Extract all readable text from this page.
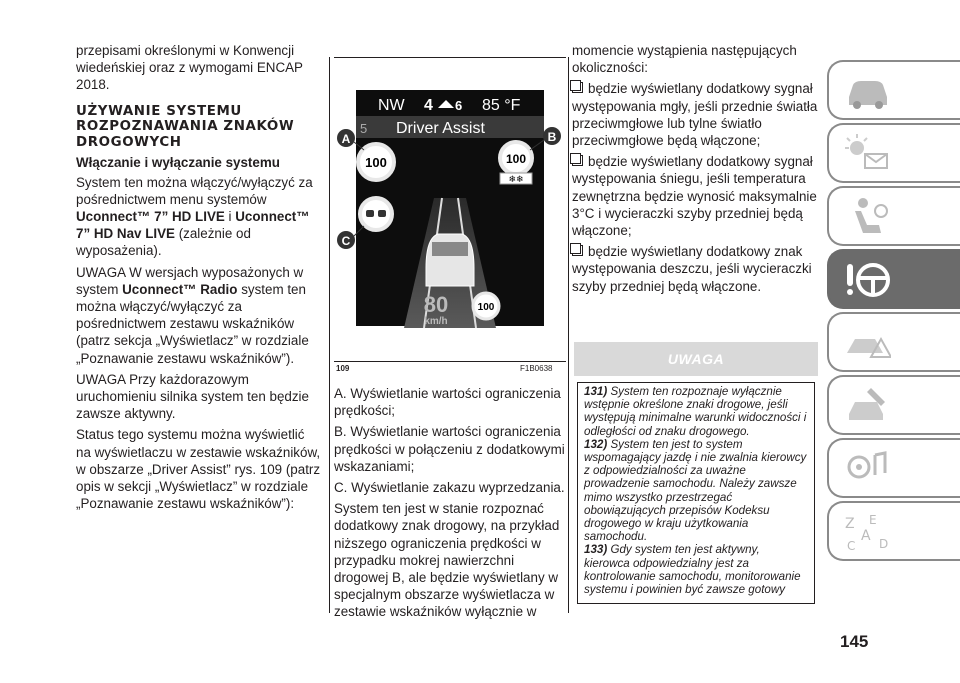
przepisami określonymi w Konwencji wiedeńskiej oraz z wymogami ENCAP 2018.

UŻYWANIE SYSTEMU ROZPOZNAWANIA ZNAKÓW DROGOWYCH
Włączanie i wyłączanie systemu

System ten można włączyć/wyłączyć za pośrednictwem menu systemów Uconnect™ 7” HD LIVE i Uconnect™ 7” HD Nav LIVE (zależnie od wyposażenia).

UWAGA W wersjach wyposażonych w system Uconnect™ Radio system ten można włączyć/wyłączyć za pośrednictwem zestawu wskaźników (patrz sekcja „Wyświetlacz” w rozdziale „Poznawanie zestawu wskaźników”).

UWAGA Przy każdorazowym uruchomieniu silnika system ten będzie zawsze aktywny.

Status tego systemu można wyświetlić na wyświetlaczu w zestawie wskaźników, w obszarze „Driver Assist” rys. 109 (patrz opis w sekcji „Wyświetlacz” w rozdziale „Poznawanie zestawu wskaźników”):

NW 4 6 85 °F
5 Driver Assist
100	100
❄❄
80
km/h
100
A	B
C
109	F1B0638

A. Wyświetlanie wartości ograniczenia prędkości;

B. Wyświetlanie wartości ograniczenia prędkości w połączeniu z dodatkowymi wskazaniami;

C. Wyświetlanie zakazu wyprzedzania.

System ten jest w stanie rozpoznać dodatkowy znak drogowy, na przykład niższego ograniczenia prędkości w przypadku mokrej nawierzchni drogowej B, ale będzie wyświetlany w specjalnym obszarze wyświetlacza w zestawie wskaźników wyłącznie w

momencie wystąpienia następujących okoliczności:

będzie wyświetlany dodatkowy sygnał występowania mgły, jeśli przednie światła przeciwmgłowe lub tylne światło przeciwmgłowe będą włączone;

będzie wyświetlany dodatkowy sygnał występowania śniegu, jeśli temperatura zewnętrzna będzie wynosić maksymalnie 3°C i wycieraczki szyby przedniej będą włączone;

będzie wyświetlany dodatkowy znak występowania deszczu, jeśli wycieraczki szyby przedniej będą włączone.

UWAGA

131) System ten rozpoznaje wyłącznie wstępnie określone znaki drogowe, jeśli występują minimalne warunki widoczności i odległości od znaku drogowego.

132) System ten jest to system wspomagający jazdę i nie zwalnia kierowcy z odpowiedzialności za uważne prowadzenie samochodu. Należy zawsze mimo wszystko przestrzegać obowiązujących przepisów Kodeksu drogowego w kraju użytkowania samochodu.

133) Gdy system ten jest aktywny, kierowca odpowiedzialny jest za kontrolowanie samochodu, monitorowanie systemu i powinien być zawsze gotowy

145
Z E
A
C D
